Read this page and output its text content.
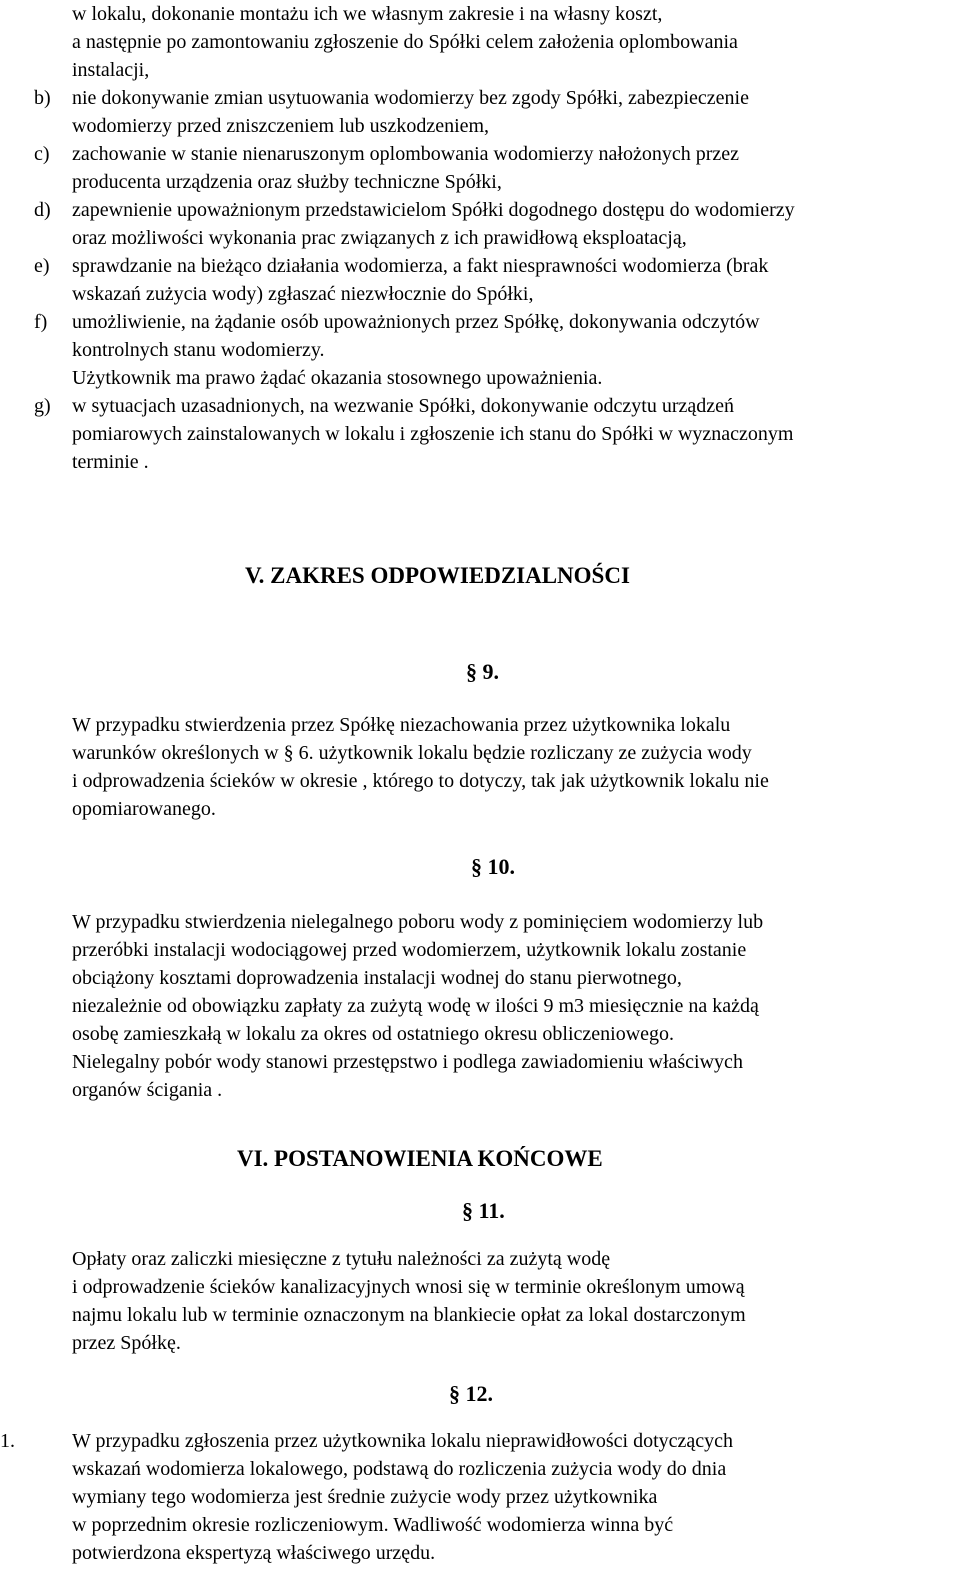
w lokalu, dokonanie montażu ich we własnym zakresie i na własny koszt,
a następnie po zamontowaniu zgłoszenie do Spółki celem założenia oplombowania
instalacji,
b) nie dokonywanie zmian usytuowania wodomierzy bez zgody Spółki, zabezpieczenie
wodomierzy przed zniszczeniem lub uszkodzeniem,
c) zachowanie w stanie nienaruszonym oplombowania wodomierzy nałożonych przez
producenta urządzenia oraz służby techniczne Spółki,
d) zapewnienie upoważnionym przedstawicielom Spółki dogodnego dostępu do wodomierzy
oraz możliwości wykonania prac związanych z ich prawidłową eksploatacją,
e) sprawdzanie na bieżąco działania wodomierza, a fakt niesprawności wodomierza (brak
wskazań zużycia wody) zgłaszać niezwłocznie do Spółki,
f) umożliwienie, na żądanie osób upoważnionych przez Spółkę, dokonywania odczytów
kontrolnych stanu wodomierzy.
Użytkownik ma prawo żądać okazania stosownego upoważnienia.
g) w sytuacjach uzasadnionych, na wezwanie Spółki, dokonywanie odczytu urządzeń
pomiarowych zainstalowanych w lokalu i zgłoszenie ich stanu do Spółki w wyznaczonym
terminie .
V. ZAKRES ODPOWIEDZIALNOŚCI
§ 9.
W przypadku stwierdzenia przez Spółkę niezachowania przez użytkownika lokalu
warunków określonych w § 6. użytkownik lokalu będzie rozliczany ze zużycia wody
i odprowadzenia ścieków w okresie , którego to dotyczy, tak jak użytkownik lokalu nie
opomiarowanego.
§ 10.
W przypadku stwierdzenia nielegalnego poboru wody z pominięciem wodomierzy lub
przeróbki instalacji wodociągowej przed wodomierzem, użytkownik lokalu zostanie
obciążony kosztami doprowadzenia instalacji wodnej do stanu pierwotnego,
niezależnie od obowiązku zapłaty za zużytą wodę w ilości 9 m3 miesięcznie na każdą
osobę zamieszkałą w lokalu za okres od ostatniego okresu obliczeniowego.
Nielegalny pobór wody stanowi przestępstwo i podlega zawiadomieniu właściwych
organów ścigania .
VI. POSTANOWIENIA KOŃCOWE
§ 11.
Opłaty oraz zaliczki miesięczne z tytułu należności za zużytą wodę
i odprowadzenie ścieków kanalizacyjnych wnosi się w terminie określonym umową
najmu lokalu lub w terminie oznaczonym na blankiecie opłat za lokal dostarczonym
przez Spółkę.
§ 12.
1.	W przypadku zgłoszenia przez użytkownika lokalu nieprawidłowości dotyczących
wskazań wodomierza lokalowego, podstawą do rozliczenia zużycia wody do dnia
wymiany tego wodomierza jest średnie zużycie wody przez użytkownika
w poprzednim okresie rozliczeniowym. Wadliwość wodomierza winna być
potwierdzona ekspertyzą właściwego urzędu.
